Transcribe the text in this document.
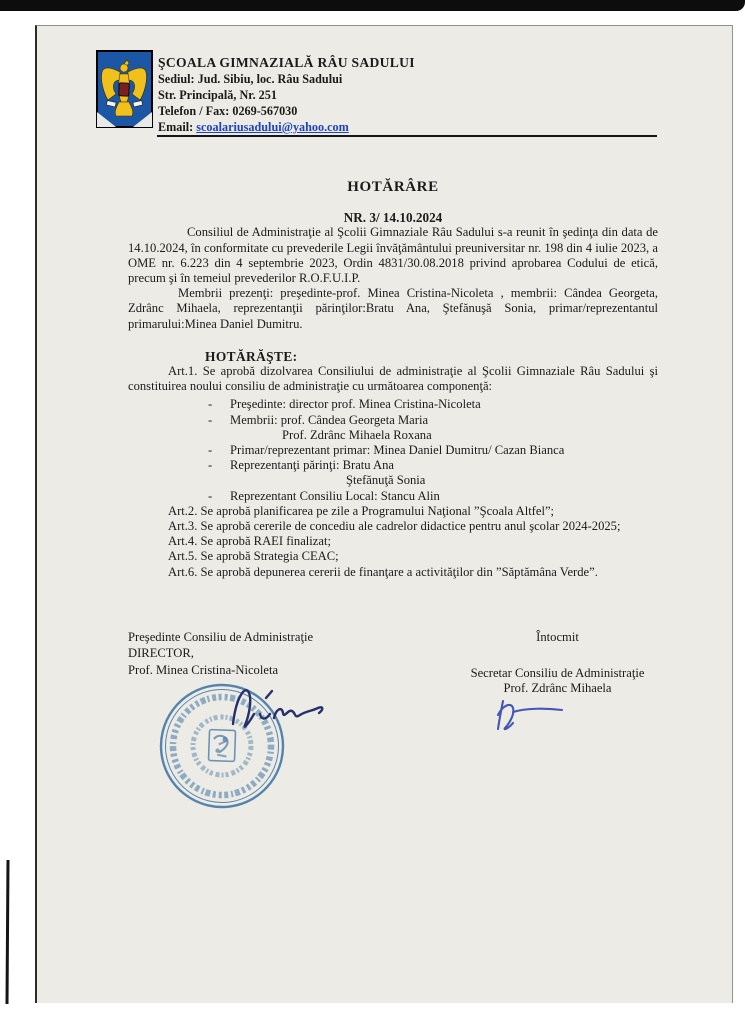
ŞCOALA GIMNAZIALĂ RÂU SADULUI
Sediul: Jud. Sibiu, loc. Râu Sadului
Str. Principală, Nr. 251
Telefon / Fax: 0269-567030
Email: scoalariusadului@yahoo.com
HOTĂRÂRE
NR. 3/ 14.10.2024

Consiliul de Administraţie al Şcolii Gimnaziale Râu Sadului s-a reunit în şedinţa din data de 14.10.2024, în conformitate cu prevederile Legii învăţământului preuniversitar nr. 198 din 4 iulie 2023, a OME nr. 6.223 din 4 septembrie 2023, Ordin 4831/30.08.2018 privind aprobarea Codului de etică, precum şi în temeiul prevederilor R.O.F.U.I.P.

Membrii prezenţi: preşedinte-prof. Minea Cristina-Nicoleta , membrii: Cândea Georgeta, Zdrânc Mihaela, reprezentanţii părinţilor:Bratu Ana, Ştefănuşă Sonia, primar/reprezentantul primarului:Minea Daniel Dumitru.

HOTĂRĂŞTE:

Art.1. Se aprobă dizolvarea Consiliului de administraţie al Şcolii Gimnaziale Râu Sadului şi constituirea noului consiliu de administraţie cu următoarea componenţă:

- Preşedinte: director prof. Minea Cristina-Nicoleta
- Membrii: prof. Cândea Georgeta Maria
Prof. Zdrânc Mihaela Roxana
- Primar/reprezentant primar: Minea Daniel Dumitru/ Cazan Bianca
- Reprezentanţi părinţi: Bratu Ana
Ştefănuţă Sonia
- Reprezentant Consiliu Local: Stancu Alin
Art.2. Se aprobă planificarea pe zile a Programului Naţional ”Şcoala Altfel”;
Art.3. Se aprobă cererile de concediu ale cadrelor didactice pentru anul şcolar 2024-2025;
Art.4. Se aprobă RAEI finalizat;
Art.5. Se aprobă Strategia CEAC;
Art.6. Se aprobă depunerea cererii de finanţare a activităţilor din ”Săptămâna Verde”.
Preşedinte Consiliu de Administraţie
DIRECTOR,
Prof. Minea Cristina-Nicoleta
Întocmit
Secretar Consiliu de Administraţie
Prof. Zdrânc Mihaela
